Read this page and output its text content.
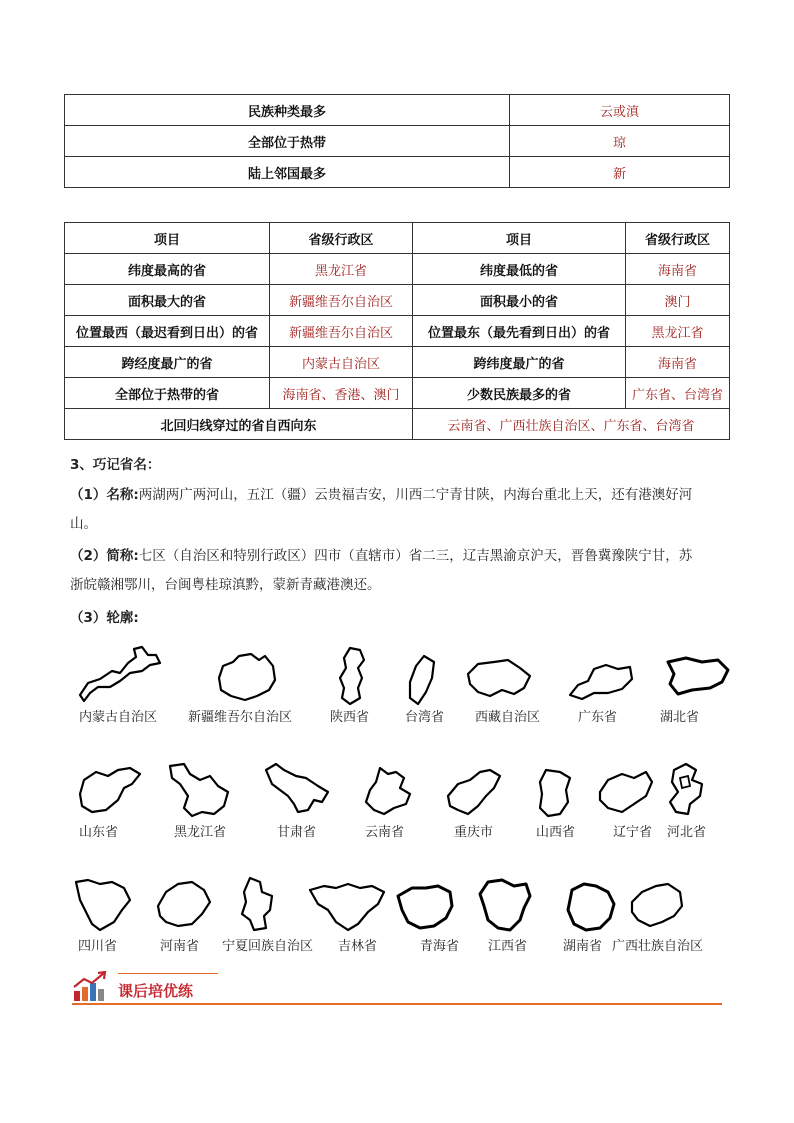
民族种类最多	云或滇
全部位于热带	琼
陆上邻国最多	新
项目	省级行政区	项目	省级行政区
纬度最高的省	黑龙江省	纬度最低的省	海南省
面积最大的省	新疆维吾尔自治区	面积最小的省	澳门
位置最西（最迟看到日出）的省	新疆维吾尔自治区	位置最东（最先看到日出）的省	黑龙江省
跨经度最广的省	内蒙古自治区	跨纬度最广的省	海南省
全部位于热带的省	海南省、香港、澳门	少数民族最多的省	广东省、台湾省
北回归线穿过的省自西向东		云南省、广西壮族自治区、广东省、台湾省	
3、巧记省名：
（1）名称:两湖两广两河山，五江（疆）云贵福吉安，川西二宁青甘陕，内海台重北上天，还有港澳好河
山。
（2）简称:七区（自治区和特别行政区）四市（直辖市）省二三，辽吉黑渝京沪天，晋鲁冀豫陕宁甘，苏
浙皖赣湘鄂川，台闽粤桂琼滇黔，蒙新青藏港澳还。
（3）轮廓:
内蒙古自治区 新疆维吾尔自治区	陕西省	台湾省 西藏自治区	广东省	湖北省
山东省	黑龙江省	甘肃省	云南省	重庆市	山西省	辽宁省 河北省
四川省	河南省 宁夏回族自治区 吉林省	青海省 江西省	湖南省 广西壮族自治区
课后培优练
